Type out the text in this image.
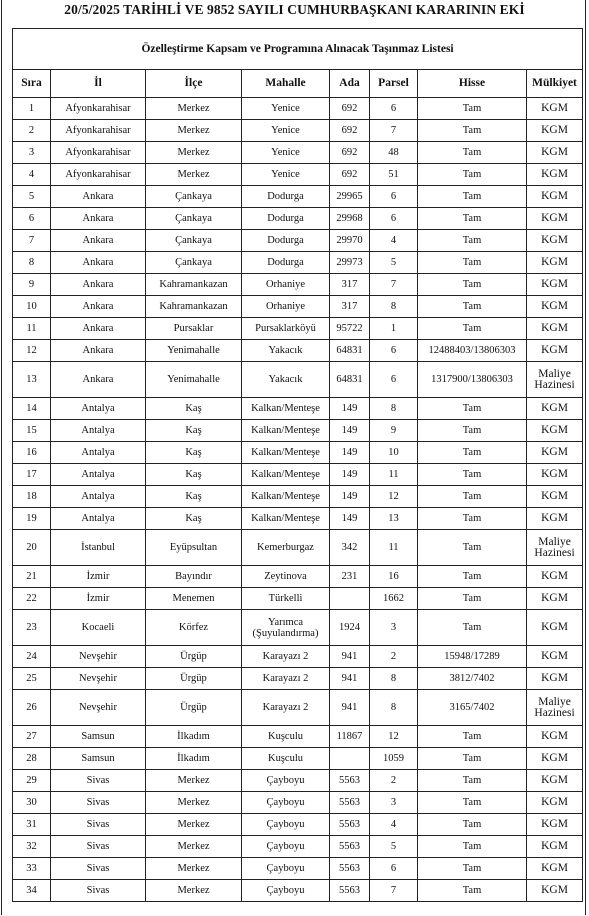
20/5/2025 TARİHLİ VE 9852 SAYILI CUMHURBAŞKANI KARARININ EKİ
Özelleştirme Kapsam ve Programına Alınacak Taşınmaz Listesi							
Sıra	İl	İlçe	Mahalle	Ada	Parsel	Hisse	Mülkiyet
1	Afyonkarahisar	Merkez	Yenice	692	6	Tam	KGM
2	Afyonkarahisar	Merkez	Yenice	692	7	Tam	KGM
3	Afyonkarahisar	Merkez	Yenice	692	48	Tam	KGM
4	Afyonkarahisar	Merkez	Yenice	692	51	Tam	KGM
5	Ankara	Çankaya	Dodurga	29965	6	Tam	KGM
6	Ankara	Çankaya	Dodurga	29968	6	Tam	KGM
7	Ankara	Çankaya	Dodurga	29970	4	Tam	KGM
8	Ankara	Çankaya	Dodurga	29973	5	Tam	KGM
9	Ankara	Kahramankazan	Orhaniye	317	7	Tam	KGM
10	Ankara	Kahramankazan	Orhaniye	317	8	Tam	KGM
11	Ankara	Pursaklar	Pursaklarköyü	95722	1	Tam	KGM
12	Ankara	Yenimahalle	Yakacık	64831	6	12488403/13806303	KGM
13	Ankara	Yenimahalle	Yakacık	64831	6	1317900/13806303	Maliye Hazinesi
14	Antalya	Kaş	Kalkan/Menteşe	149	8	Tam	KGM
15	Antalya	Kaş	Kalkan/Menteşe	149	9	Tam	KGM
16	Antalya	Kaş	Kalkan/Menteşe	149	10	Tam	KGM
17	Antalya	Kaş	Kalkan/Menteşe	149	11	Tam	KGM
18	Antalya	Kaş	Kalkan/Menteşe	149	12	Tam	KGM
19	Antalya	Kaş	Kalkan/Menteşe	149	13	Tam	KGM
20	İstanbul	Eyüpsultan	Kemerburgaz	342	11	Tam	Maliye Hazinesi
21	İzmir	Bayındır	Zeytinova	231	16	Tam	KGM
22	İzmir	Menemen	Türkelli		1662	Tam	KGM
23	Kocaeli	Körfez	Yarımca (Şuyulandırma)	1924	3	Tam	KGM
24	Nevşehir	Ürgüp	Karayazı 2	941	2	15948/17289	KGM
25	Nevşehir	Ürgüp	Karayazı 2	941	8	3812/7402	KGM
26	Nevşehir	Ürgüp	Karayazı 2	941	8	3165/7402	Maliye Hazinesi
27	Samsun	İlkadım	Kuşculu	11867	12	Tam	KGM
28	Samsun	İlkadım	Kuşculu		1059	Tam	KGM
29	Sivas	Merkez	Çayboyu	5563	2	Tam	KGM
30	Sivas	Merkez	Çayboyu	5563	3	Tam	KGM
31	Sivas	Merkez	Çayboyu	5563	4	Tam	KGM
32	Sivas	Merkez	Çayboyu	5563	5	Tam	KGM
33	Sivas	Merkez	Çayboyu	5563	6	Tam	KGM
34	Sivas	Merkez	Çayboyu	5563	7	Tam	KGM
